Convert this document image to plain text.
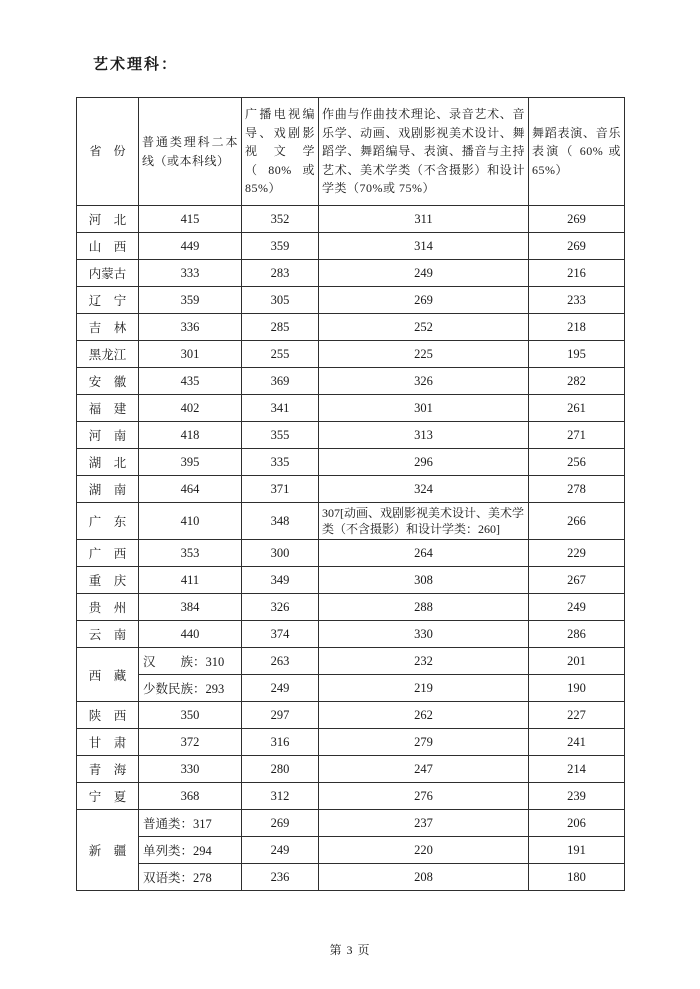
艺术理科：
省　份	普通类理科二本线（或本科线）	广播电视编导、戏剧影视文学（80%或85%）	作曲与作曲技术理论、录音艺术、音乐学、动画、戏剧影视美术设计、舞蹈学、舞蹈编导、表演、播音与主持艺术、美术学类（不含摄影）和设计学类（70%或 75%）	舞蹈表演、音乐表演（ 60% 或65%）
河　北	415	352	311	269
山　西	449	359	314	269
内蒙古	333	283	249	216
辽　宁	359	305	269	233
吉　林	336	285	252	218
黑龙江	301	255	225	195
安　徽	435	369	326	282
福　建	402	341	301	261
河　南	418	355	313	271
湖　北	395	335	296	256
湖　南	464	371	324	278
广　东	410	348	307[动画、戏剧影视美术设计、美术学类（不含摄影）和设计学类：260]	266
广　西	353	300	264	229
重　庆	411	349	308	267
贵　州	384	326	288	249
云　南	440	374	330	286
西　藏	汉　　族：310	263	232	201
	少数民族：293	249	219	190
陕　西	350	297	262	227
甘　肃	372	316	279	241
青　海	330	280	247	214
宁　夏	368	312	276	239
新　疆	普通类：317	269	237	206
	单列类：294	249	220	191
	双语类：278	236	208	180
第 3 页
